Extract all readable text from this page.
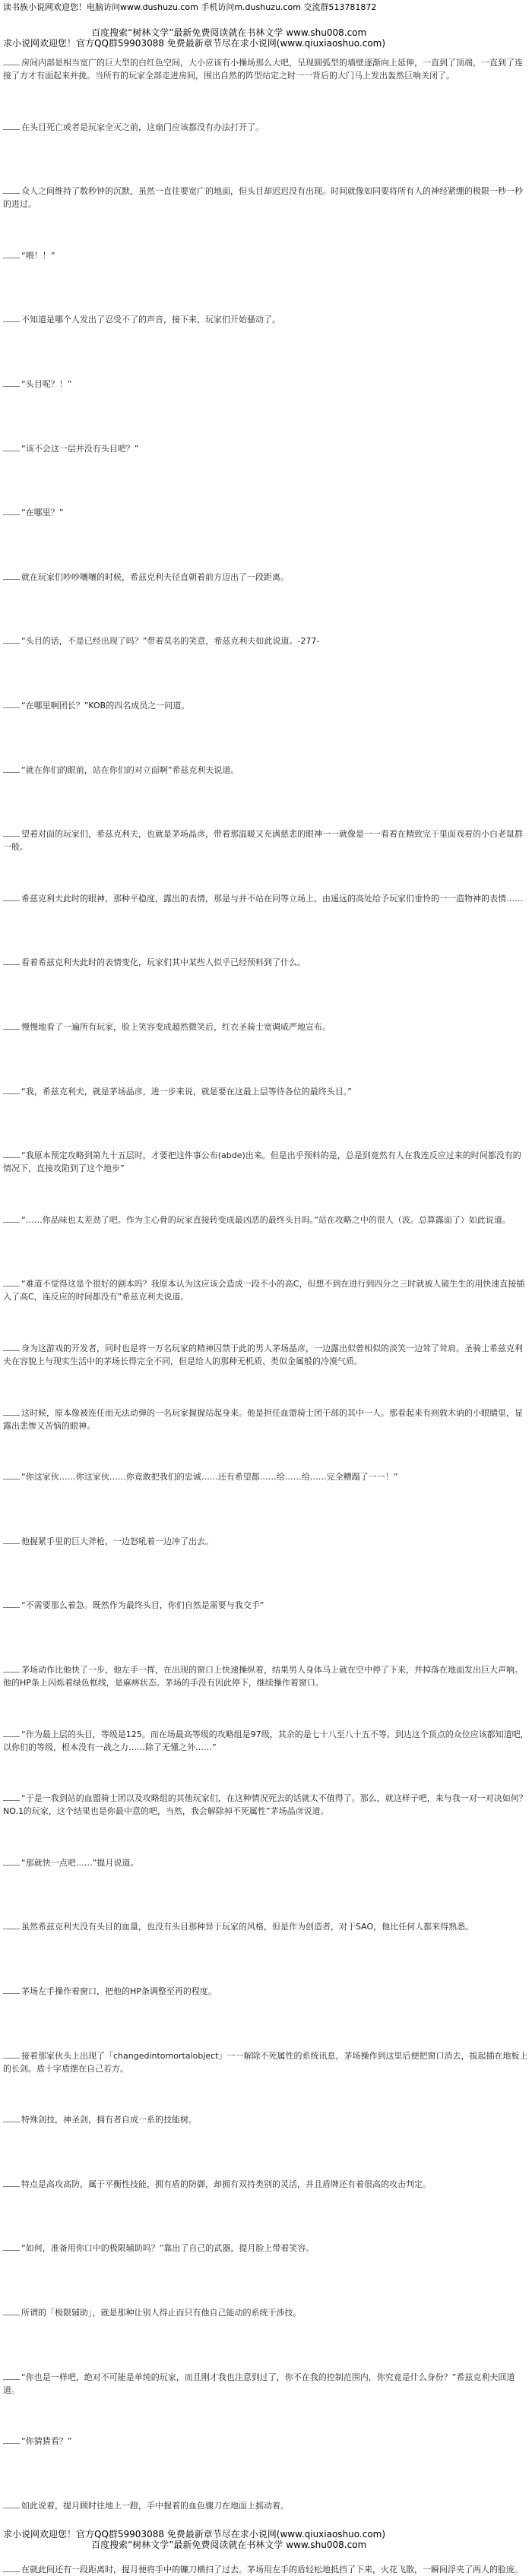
读书族小说网欢迎您！电脑访问www.dushuzu.com 手机访问m.dushuzu.com 交流群513781872
百度搜索“树林文学”最新免费阅读就在书林文学 www.shu008.com
求小说网欢迎您！官方QQ群59903088 免费最新章节尽在求小说网(www.qiuxiaoshuo.com)
房间内部是相当宽广的巨大型的白红色空间，大小应该有小操场那么大吧，呈现圆弧型的墙壁逐渐向上延伸，一直到了顶端，一直到了连接了方才有面起来并拢。当所有的玩家全部走进房间，围出自然的阵型站定之时一一背后的大门马上发出轰然巨响关闭了。
在头目死亡或者是玩家全灭之前，这扇门应该都没有办法打开了。
众人之间维持了数秒钟的沉默，虽然一直往要宽广的地面，但头目却迟迟没有出现。时间就像如同要将所有人的神经紧绷的极限一秒一秒的进过。
“喂！！”
不知道是哪个人发出了忍受不了的声音，接下来，玩家们开始骚动了。
“头目呢？！”
“该不会这一层并没有头目吧？”
“在哪里？”
就在玩家们吵吵嚷嚷的时候，希兹克利夫径直朝着前方迈出了一段距离。
“头目的话，不是已经出现了吗？”带着莫名的笑意，希兹克利夫如此说道。-277-
“在哪里啊团长？”KOB的四名成员之一问道。
“就在你们的眼前，站在你们的对立面啊”希兹克利夫说道。
望着对面的玩家们，希兹克利夫，也就是茅场晶彦，带着那温暖又充满慈悲的眼神一一就像是一一看着在精致完于里面戏着的小白老鼠群一般。
希兹克利夫此时的眼神，那种平稳度，露出的表情，那是与并不站在同等立场上，由遥远的高处给予玩家们垂怜的一一造物神的表情……
看着希兹克利夫此时的表情变化，玩家们其中某些人似乎已经预料到了什么。
慢慢地看了一遍所有玩家，脸上笑容变成超然微笑后，红衣圣骑士宽调威严地宣布。
“我，希兹克利夫，就是茅场晶彦，进一步来说，就是要在这最上层等待各位的最终头目。”
“我原本预定攻略到第九十五层时，才要把这件事公布(abde)出来。但是出乎预料的是，总是到竟然有人在我连反应过来的时间都没有的情况下，直接攻陷到了这个地步”
“……你品味也太差劲了吧。作为主心骨的玩家直接转变成最凶恶的最终头目吗。”站在攻略之中的很人（波。总算露面了）如此说道。
“难道不觉得这是个很好的剧本吗？我原本认为这应该会造成一段不小的高C，但想不到在进行到四分之三时就被人破生生的用快速直接插入了高C，连反应的时间都没有”希兹克利夫说道。
身为这游戏的开发者，同时也是将一万名玩家的精神囚禁于此的男人茅场晶彦，一边露出似曾相似的淡笑一边耸了耸肩。圣骑士希兹克利夫在容貌上与现实生活中的茅场长得完全不同，但是给人的那种无机质、类似金属般的冷漠气质。
这时候，原本像被连任而无法动弹的一名玩家握握站起身来。他是担任血盟骑士团干部的其中一人。那看起来有则敦木讷的小眼睛里，显露出悲惨又苦恼的眼神。
“你这家伙……你这家伙……你竟敢把我们的忠诚……还有希望都……给……给……完全糟蹋了一一！”
他握紧手里的巨大斧枪，一边怒吼着一边冲了出去。
“不需要那么着急。既然作为最终头目，你们自然是需要与我交手”
茅场动作比他快了一步，他左手一挥，在出现的窗口上快速操纵着，结果男人身体马上就在空中停了下来，并掉落在地面发出巨大声响。他的HP条上闪烁着绿色框线，是麻痹状态。茅场的手没有因此停下，继续操作着窗口。
“作为最上层的头目，等级是125。而在场最高等级的攻略组是97级，其余的是七十八至八十五不等。到达这个顶点的众位应该都知道吧，以你们的等级，根本没有一战之力……除了无懂之外……”
“于是一我到站的血盟骑士团以及攻略组的其他玩家们，在这种情况死去的话就太不值得了。那么，就这样子吧，来与我一对一对决如何？NO.1的玩家，这个结果也是你最中意的吧，当然，我会解除掉不死属性”茅场晶彦说道。
“那就快一点吧……”提月说道。
虽然希兹克利夫没有头目的血量，也没有头目那种异于玩家的风格，但是作为创造者，对于SAO，他比任何人都来得熟悉。
茅场左手操作着窗口，把他的HP条调整至再的程度。
接着那家伙头上出现了「changedintomortalobject」一一解除不死属性的系统讯息，茅场操作到这里后便把窗口消去，拔起插在地板上的长剑。盾十字盾摆在自己若方。
特殊剑技，神圣剑，拥有者自成一系的技能树。
特点是高攻高防，属于平衡性技能，拥有盾的防御，却拥有双持类别的灵活，并且盾牌还有着很高的攻击判定。
“如何，准备用你口中的极限辅助吗？”靠出了自己的武器，提月脸上带着笑容。
所谓的「极限辅助」，就是那种让别人得止而只有他自己能动的系统干涉技。
“你也是一样吧，绝对不可能是单纯的玩家，而且刚才我也注意到过了，你不在我的控制范围内，你究竟是什么身份？”希兹克利夫回道道。
“你猜猜看？”
如此说着，提月顾时往地上一蹬，手中握着的血色骤刀在地面上摇动着。
在就此间还有一段距离时，提月便将手中的镰刀横扫了过去。茅场用左手的盾轻松地抵挡了下来，火花飞散，一瞬间浮夹了两人的脸庞。
求小说网欢迎您！官方QQ群59903088 免费最新章节尽在求小说网(www.qiuxiaoshuo.com)
百度搜索“树林文学”最新免费阅读就在书林文学 www.shu008.com
